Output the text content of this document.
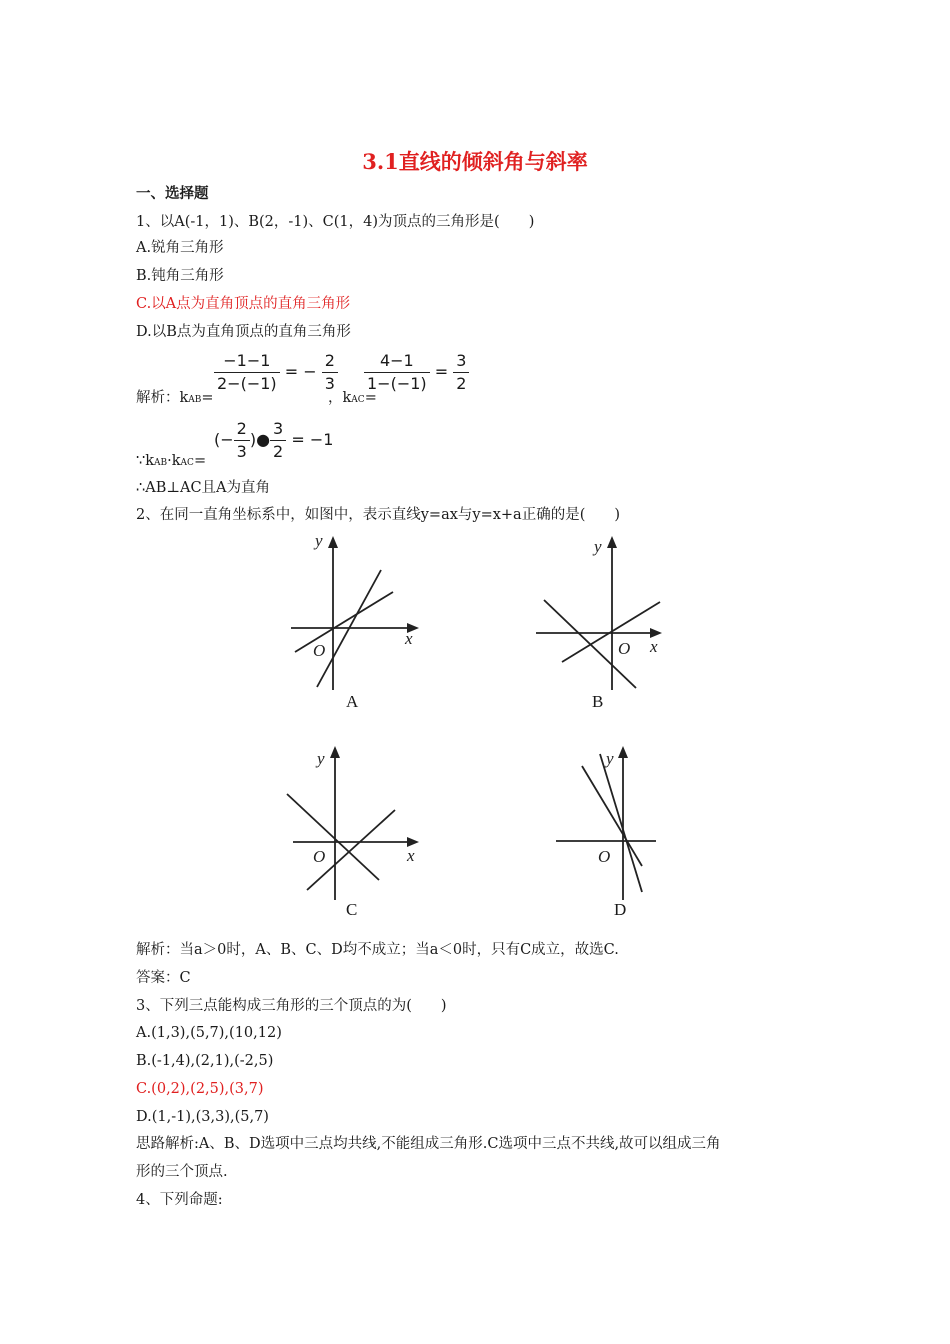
3.1直线的倾斜角与斜率
一、选择题
1、以A(-1，1)、B(2，-1)、C(1，4)为顶点的三角形是(　　)
A.锐角三角形
B.钝角三角形
C.以A点为直角顶点的直角三角形
D.以B点为直角顶点的直角三角形
解析：kAB=
$\frac{-1-1}{2-(-1)}$ = − $\frac{2}{3}$
，kAC=
$\frac{4-1}{1-(-1)} = \frac{3}{2}$
∵kAB·kAC=
(− $\frac{2}{3}$ )● $\frac{3}{2} = -1$
∴AB⊥AC且A为直角
2、在同一直角坐标系中，如图中，表示直线y=ax与y=x+a正确的是(　　)
y
x
O
A
y
x
O
B
y
x
O
C
y
O
D
解析：当a＞0时，A、B、C、D均不成立；当a＜0时，只有C成立，故选C.
答案：C
3、下列三点能构成三角形的三个顶点的为(　　)
A.(1,3),(5,7),(10,12)
B.(-1,4),(2,1),(-2,5)
C.(0,2),(2,5),(3,7)
D.(1,-1),(3,3),(5,7)
思路解析:A、B、D选项中三点均共线,不能组成三角形.C选项中三点不共线,故可以组成三角
形的三个顶点.
4、下列命题:
